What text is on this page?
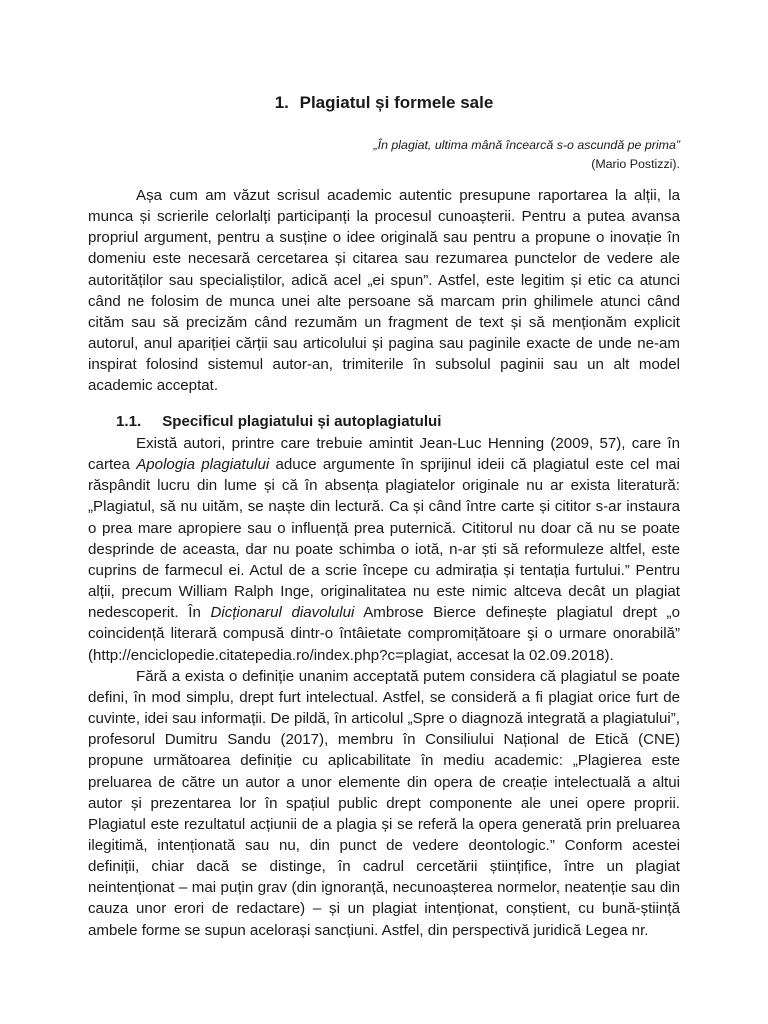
1. Plagiatul și formele sale
„În plagiat, ultima mână încearcă s-o ascundă pe prima”
(Mario Postizzi).

Așa cum am văzut scrisul academic autentic presupune raportarea la alții, la munca și scrierile celorlalți participanți la procesul cunoașterii. Pentru a putea avansa propriul argument, pentru a susține o idee originală sau pentru a propune o inovație în domeniu este necesară cercetarea și citarea sau rezumarea punctelor de vedere ale autorităților sau specialiștilor, adică acel „ei spun”. Astfel, este legitim și etic ca atunci când ne folosim de munca unei alte persoane să marcam prin ghilimele atunci când cităm sau să precizăm când rezumăm un fragment de text și să menționăm explicit autorul, anul apariției cărții sau articolului și pagina sau paginile exacte de unde ne-am inspirat folosind sistemul autor-an, trimiterile în subsolul paginii sau un alt model academic acceptat.

1.1. Specificul plagiatului și autoplagiatului

Există autori, printre care trebuie amintit Jean-Luc Henning (2009, 57), care în cartea Apologia plagiatului aduce argumente în sprijinul ideii că plagiatul este cel mai răspândit lucru din lume și că în absența plagiatelor originale nu ar exista literatură: „Plagiatul, să nu uităm, se naște din lectură. Ca și când între carte și cititor s-ar instaura o prea mare apropiere sau o influență prea puternică. Cititorul nu doar că nu se poate desprinde de aceasta, dar nu poate schimba o iotă, n-ar ști să reformuleze altfel, este cuprins de farmecul ei. Actul de a scrie începe cu admirația și tentația furtului.” Pentru alții, precum William Ralph Inge, originalitatea nu este nimic altceva decât un plagiat nedescoperit. În Dicționarul diavolului Ambrose Bierce definește plagiatul drept „o coincidență literară compusă dintr-o întâietate compromițătoare şi o urmare onorabilă” (http://enciclopedie.citatepedia.ro/index.php?c=plagiat, accesat la 02.09.2018).

Fără a exista o definiție unanim acceptată putem considera că plagiatul se poate defini, în mod simplu, drept furt intelectual. Astfel, se consideră a fi plagiat orice furt de cuvinte, idei sau informații. De pildă, în articolul „Spre o diagnoză integrată a plagiatului”, profesorul Dumitru Sandu (2017), membru în Consiliului Național de Etică (CNE) propune următoarea definiție cu aplicabilitate în mediu academic: „Plagierea este preluarea de către un autor a unor elemente din opera de creație intelectuală a altui autor și prezentarea lor în spațiul public drept componente ale unei opere proprii. Plagiatul este rezultatul acțiunii de a plagia și se referă la opera generată prin preluarea ilegitimă, intenționată sau nu, din punct de vedere deontologic.” Conform acestei definiții, chiar dacă se distinge, în cadrul cercetării științifice, între un plagiat neintenționat – mai puțin grav (din ignoranță, necunoașterea normelor, neatenție sau din cauza unor erori de redactare) – și un plagiat intenționat, conștient, cu bună-știință ambele forme se supun acelorași sancțiuni. Astfel, din perspectivă juridică Legea nr.
